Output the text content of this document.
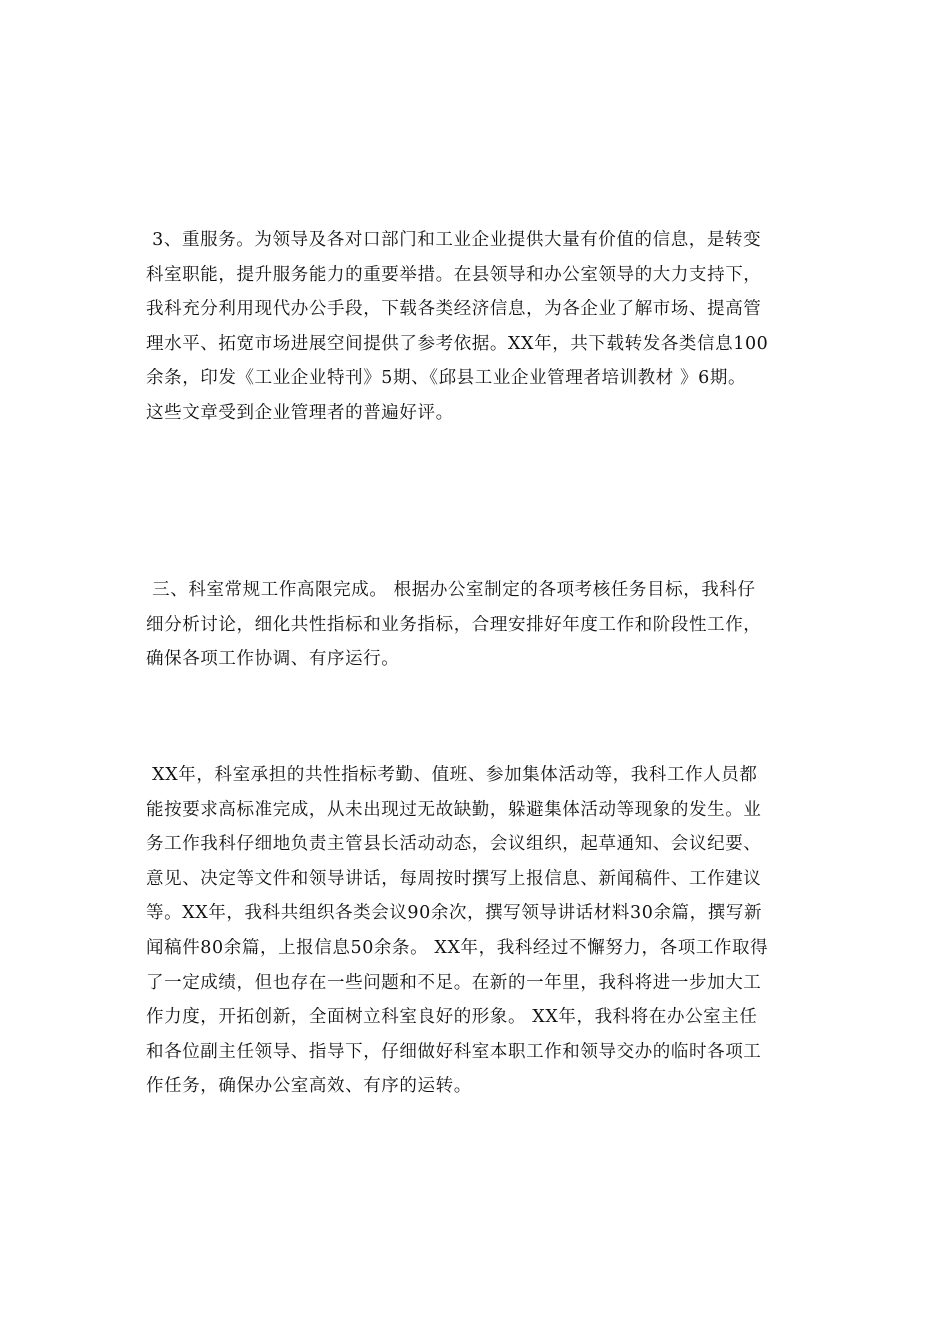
3、重服务。为领导及各对口部门和工业企业提供大量有价值的信息，是转变
科室职能，提升服务能力的重要举措。在县领导和办公室领导的大力支持下，
我科充分利用现代办公手段，下载各类经济信息，为各企业了解市场、提高管
理水平、拓宽市场进展空间提供了参考依据。XX年，共下载转发各类信息100
余条，印发《工业企业特刊》5期、《邱县工业企业管理者培训教材 》6期。
这些文章受到企业管理者的普遍好评。
三、科室常规工作高限完成。 根据办公室制定的各项考核任务目标，我科仔
细分析讨论，细化共性指标和业务指标，合理安排好年度工作和阶段性工作，
确保各项工作协调、有序运行。
XX年，科室承担的共性指标考勤、值班、参加集体活动等，我科工作人员都
能按要求高标准完成，从未出现过无故缺勤，躲避集体活动等现象的发生。业
务工作我科仔细地负责主管县长活动动态，会议组织，起草通知、会议纪要、
意见、决定等文件和领导讲话，每周按时撰写上报信息、新闻稿件、工作建议
等。XX年，我科共组织各类会议90余次，撰写领导讲话材料30余篇，撰写新
闻稿件80余篇，上报信息50余条。 XX年，我科经过不懈努力，各项工作取得
了一定成绩，但也存在一些问题和不足。在新的一年里，我科将进一步加大工
作力度，开拓创新，全面树立科室良好的形象。 XX年，我科将在办公室主任
和各位副主任领导、指导下，仔细做好科室本职工作和领导交办的临时各项工
作任务，确保办公室高效、有序的运转。
